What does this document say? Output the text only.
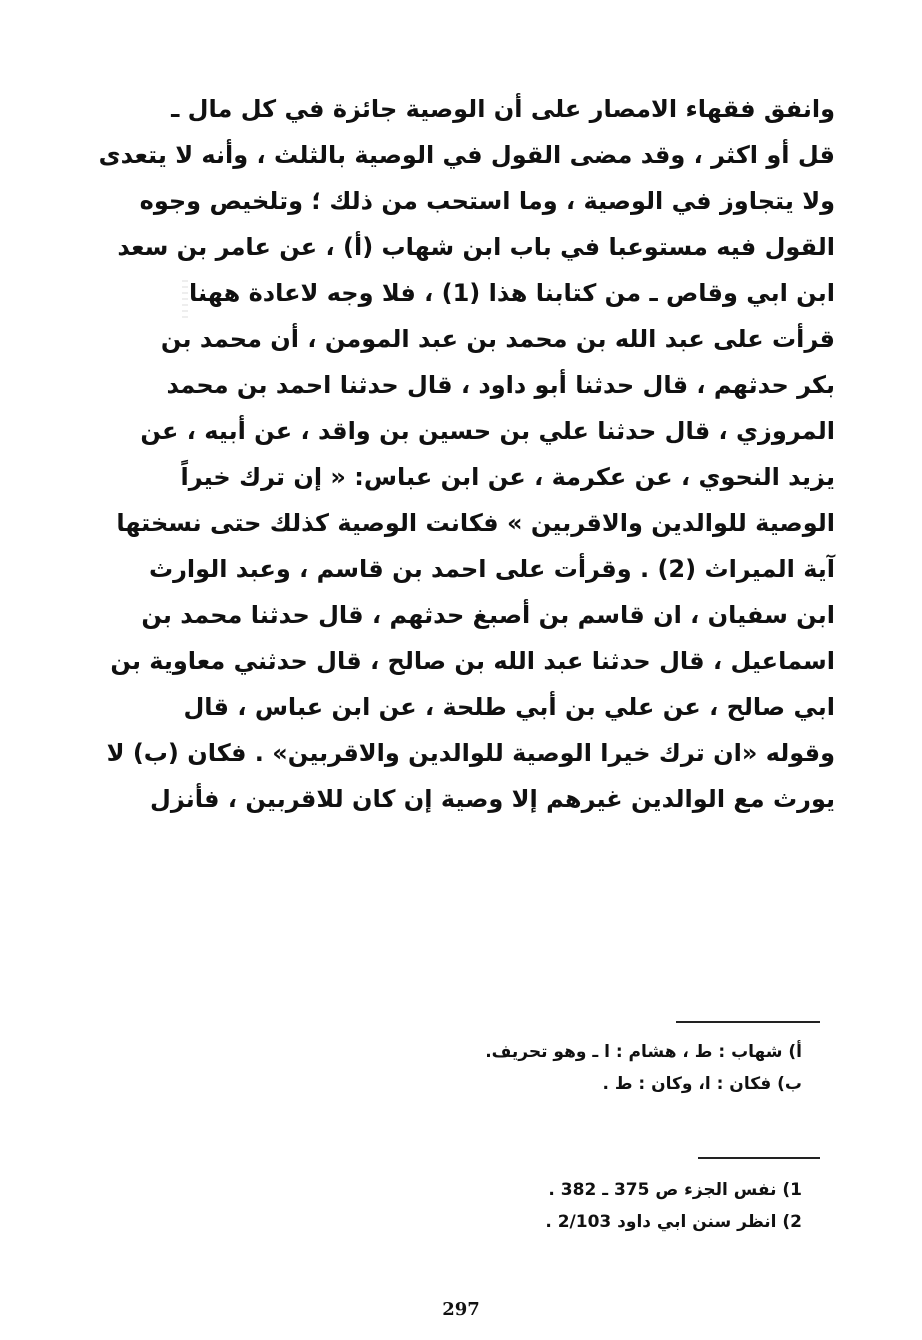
وانفق فقهاء الامصار على أن الوصية جائزة في كل مال ـ
قل أو اكثر ، وقد مضى القول في الوصية بالثلث ، وأنه لا يتعدى
ولا يتجاوز في الوصية ، وما استحب من ذلك ؛ وتلخيص وجوه
القول فيه مستوعبا في باب ابن شهاب (أ) ، عن عامر بن سعد
ابن ابي وقاص ـ من كتابنا هذا (1) ، فلا وجه لاعادة ههنا
قرأت على عبد الله بن محمد بن عبد المومن ، أن محمد بن
بكر حدثهم ، قال حدثنا أبو داود ، قال حدثنا احمد بن محمد
المروزي ، قال حدثنا علي بن حسين بن واقد ، عن أبيه ، عن
يزيد النحوي ، عن عكرمة ، عن ابن عباس: « إن ترك خيراً
الوصية للوالدين والاقربين » فكانت الوصية كذلك حتى نسختها
آية الميراث (2) . وقرأت على احمد بن قاسم ، وعبد الوارث
ابن سفيان ، ان قاسم بن أصبغ حدثهم ، قال حدثنا محمد بن
اسماعيل ، قال حدثنا عبد الله بن صالح ، قال حدثني معاوية بن
ابي صالح ، عن علي بن أبي طلحة ، عن ابن عباس ، قال
وقوله «ان ترك خيرا الوصية للوالدين والاقربين» . فكان (ب) لا
يورث مع الوالدين غيرهم إلا وصية إن كان للاقربين ، فأنزل
أ) شهاب : ط ، هشام : ا ـ وهو تحريف.
ب) فكان : ا، وكان : ط .
1) نفس الجزء ص 375 ـ 382 .
2) انظر سنن ابي داود 2/103 .
297
